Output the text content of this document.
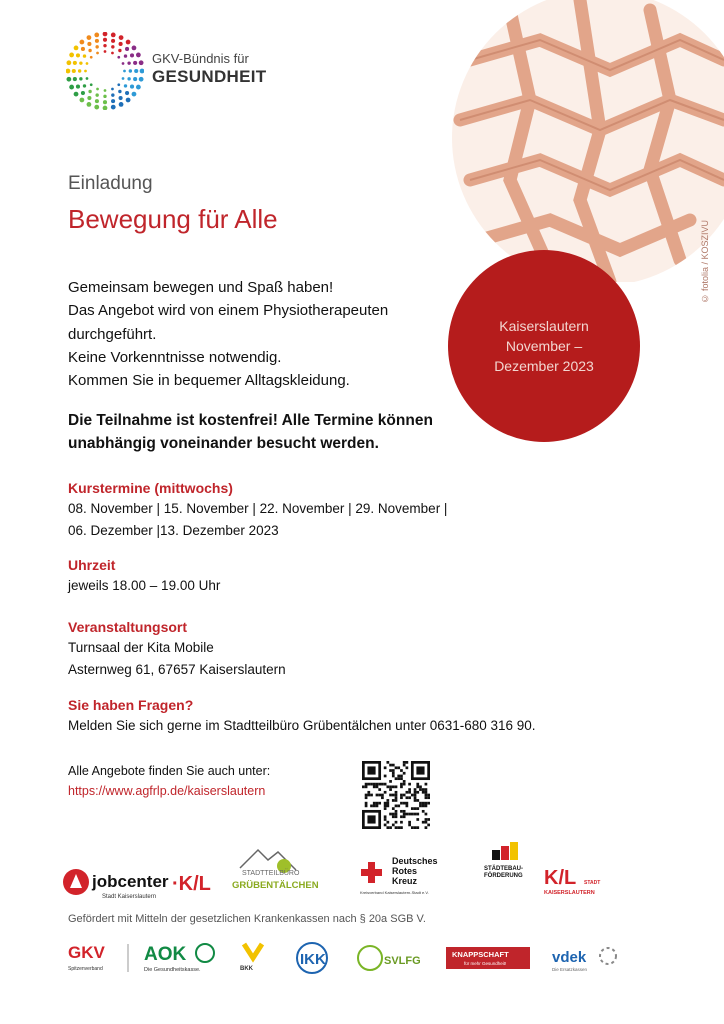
GKV-Bündnis für
GESUNDHEIT
© fotolia / KOSZIVU
Kaiserslautern
November –
Dezember 2023
Einladung
Bewegung für Alle
Gemeinsam bewegen und Spaß haben!
Das Angebot wird von einem Physiotherapeuten
durchgeführt.
Keine Vorkenntnisse notwendig.
Kommen Sie in bequemer Alltagskleidung.
Die Teilnahme ist kostenfrei! Alle Termine können unabhängig voneinander besucht werden.
Kurstermine (mittwochs)
08. November | 15. November | 22. November | 29. November |
06. Dezember |13. Dezember 2023
Uhrzeit
jeweils 18.00 – 19.00 Uhr
Veranstaltungsort
Turnsaal der Kita Mobile
Asternweg 61, 67657 Kaiserslautern
Sie haben Fragen?
Melden Sie sich gerne im Stadtteilbüro Grübentälchen unter 0631-680 316 90.
Alle Angebote finden Sie auch unter:
https://www.agfrlp.de/kaiserslautern
jobcenter
Stadt Kaiserslautern
·K/L	STADTTEILBÜRO
GRÜBENTÄLCHEN
Deutsches
Rotes
Kreuz
Kreisverband Kaiserslautern-Stadt e.V.
STÄDTEBAU-
FÖRDERUNG K/L STADT
KAISERSLAUTERN
Gefördert mit Mitteln der gesetzlichen Krankenkassen nach § 20a SGB V.
GKV
Spitzenverband
AOK
Die Gesundheitskasse.	BKK
IKK	SVLFG
KNAPPSCHAFT
für mehr Gesundheit!	vdek
Die Ersatzkassen
